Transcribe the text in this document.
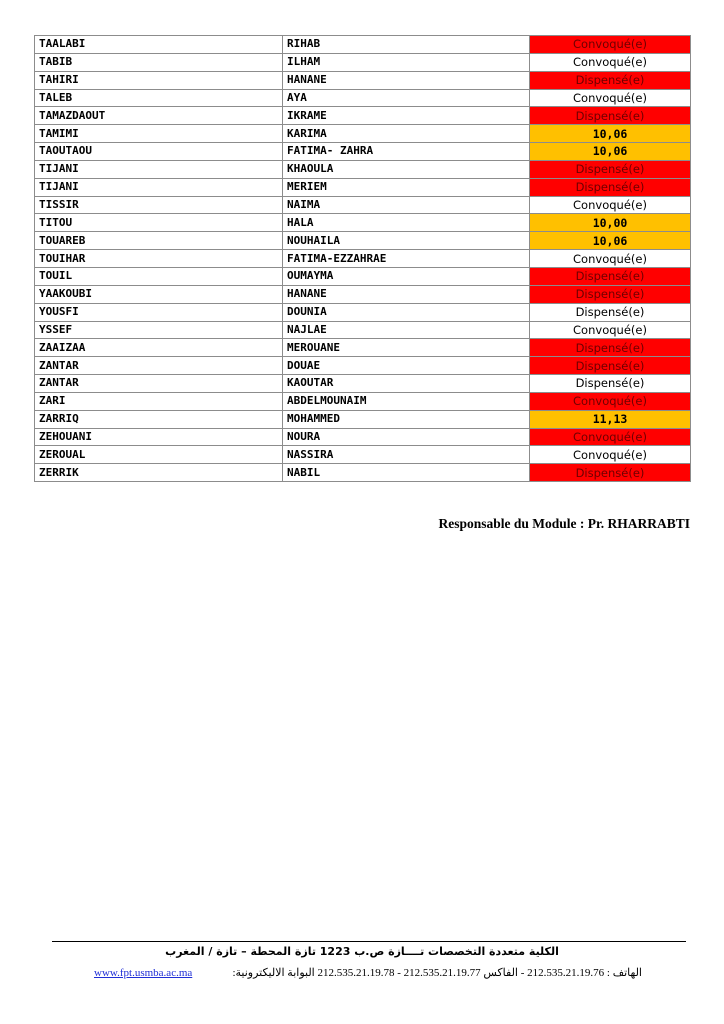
TAALABI	RIHAB	Convoqué(e)
TABIB	ILHAM	Convoqué(e)
TAHIRI	HANANE	Dispensé(e)
TALEB	AYA	Convoqué(e)
TAMAZDAOUT	IKRAME	Dispensé(e)
TAMIMI	KARIMA	10,06
TAOUTAOU	FATIMA- ZAHRA	10,06
TIJANI	KHAOULA	Dispensé(e)
TIJANI	MERIEM	Dispensé(e)
TISSIR	NAIMA	Convoqué(e)
TITOU	HALA	10,00
TOUAREB	NOUHAILA	10,06
TOUIHAR	FATIMA-EZZAHRAE	Convoqué(e)
TOUIL	OUMAYMA	Dispensé(e)
YAAKOUBI	HANANE	Dispensé(e)
YOUSFI	DOUNIA	Dispensé(e)
YSSEF	NAJLAE	Convoqué(e)
ZAAIZAA	MEROUANE	Dispensé(e)
ZANTAR	DOUAE	Dispensé(e)
ZANTAR	KAOUTAR	Dispensé(e)
ZARI	ABDELMOUNAIM	Convoqué(e)
ZARRIQ	MOHAMMED	11,13
ZEHOUANI	NOURA	Convoqué(e)
ZEROUAL	NASSIRA	Convoqué(e)
ZERRIK	NABIL	Dispensé(e)
Responsable du Module : Pr. RHARRABTI
الكلية متعددة التخصصات تــــازة ص.ب 1223 تازة المحطة – تازة / المغرب
www.fpt.usmba.ac.ma	الهاتف : 212.535.21.19.76 - الفاكس 212.535.21.19.77 - 212.535.21.19.78 البوابة الاليكترونية:
